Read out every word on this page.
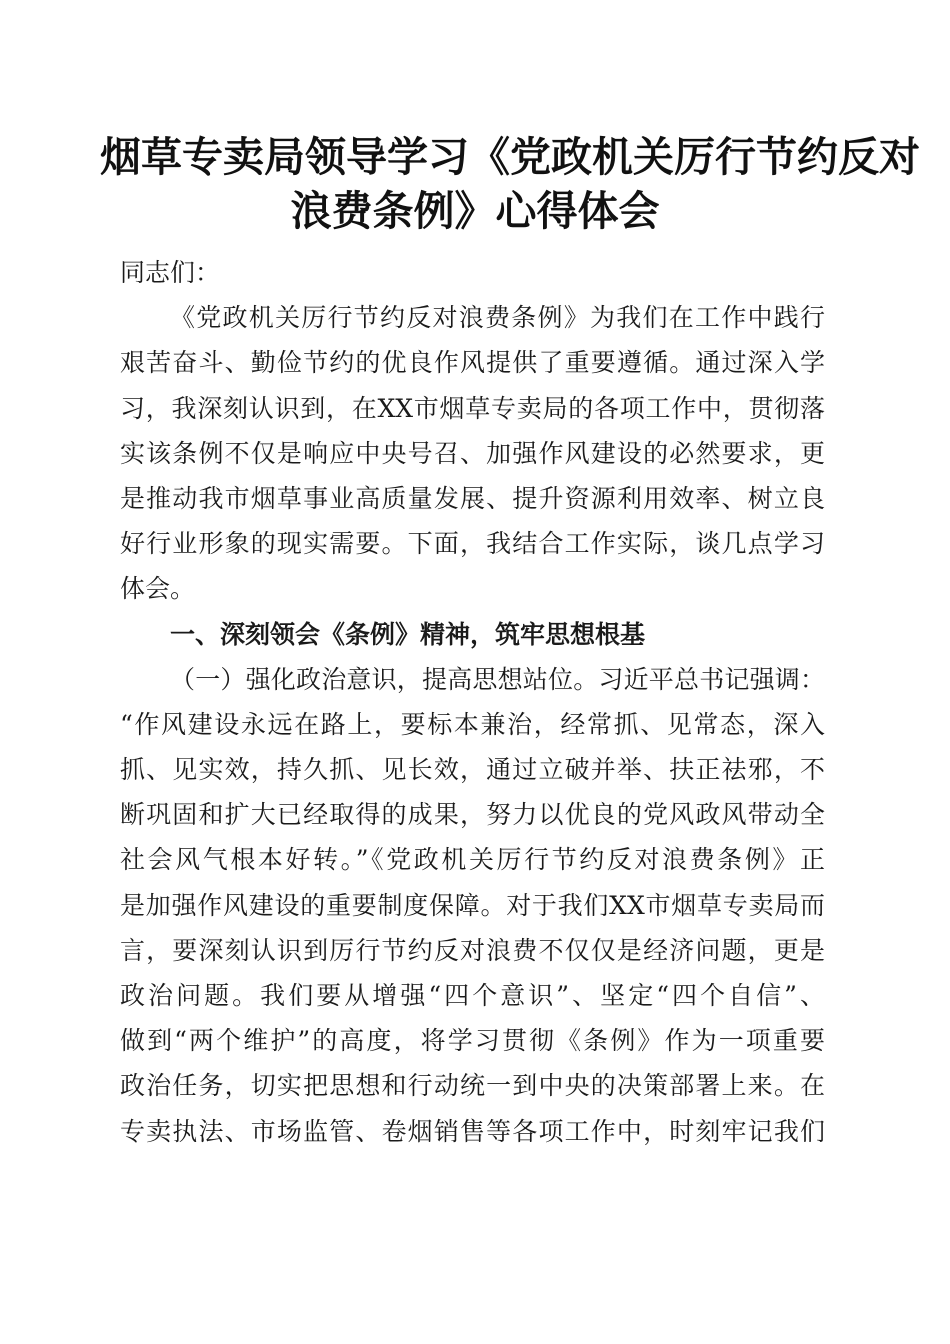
烟草专卖局领导学习《党政机关厉行节约反对
浪费条例》心得体会
同志们：
《党政机关厉行节约反对浪费条例》为我们在工作中践行
艰苦奋斗、勤俭节约的优良作风提供了重要遵循。通过深入学
习，我深刻认识到，在XX市烟草专卖局的各项工作中，贯彻落
实该条例不仅是响应中央号召、加强作风建设的必然要求，更
是推动我市烟草事业高质量发展、提升资源利用效率、树立良
好行业形象的现实需要。下面，我结合工作实际，谈几点学习
体会。
一、深刻领会《条例》精神，筑牢思想根基
（一）强化政治意识，提高思想站位。习近平总书记强调：
“作风建设永远在路上，要标本兼治，经常抓、见常态，深入
抓、见实效，持久抓、见长效，通过立破并举、扶正祛邪，不
断巩固和扩大已经取得的成果，努力以优良的党风政风带动全
社会风气根本好转。”《党政机关厉行节约反对浪费条例》正
是加强作风建设的重要制度保障。对于我们XX市烟草专卖局而
言，要深刻认识到厉行节约反对浪费不仅仅是经济问题，更是
政治问题。我们要从增强“四个意识”、坚定“四个自信”、
做到“两个维护”的高度，将学习贯彻《条例》作为一项重要
政治任务，切实把思想和行动统一到中央的决策部署上来。在
专卖执法、市场监管、卷烟销售等各项工作中，时刻牢记我们
